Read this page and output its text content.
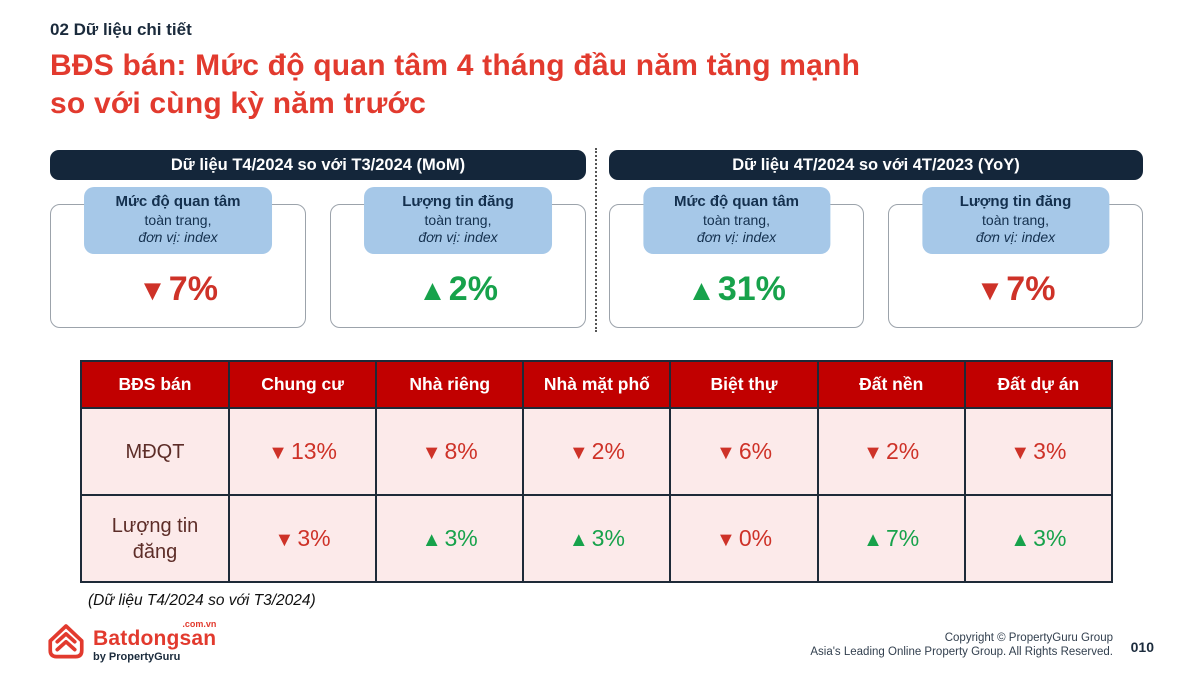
02 Dữ liệu chi tiết
BĐS bán: Mức độ quan tâm 4 tháng đầu năm tăng mạnh
so với cùng kỳ năm trước
Dữ liệu T4/2024 so với T3/2024 (MoM)
Mức độ quan tâm
toàn trang,
đơn vị: index
▼7%
Lượng tin đăng
toàn trang,
đơn vị: index
▲2%
Dữ liệu 4T/2024 so với 4T/2023 (YoY)
Mức độ quan tâm
toàn trang,
đơn vị: index
▲31%
Lượng tin đăng
toàn trang,
đơn vị: index
▼7%
BĐS bán	Chung cư	Nhà riêng	Nhà mặt phố	Biệt thự	Đất nền	Đất dự án
MĐQT	▼ 13%	▼ 8%	▼ 2%	▼ 6%	▼ 2%	▼ 3%
Lượng tin đăng	▼ 3%	▲ 3%	▲ 3%	▼ 0%	▲ 7%	▲ 3%
(Dữ liệu T4/2024 so với T3/2024)
.com.vn
Batdongsan
by PropertyGuru
Copyright © PropertyGuru Group
Asia's Leading Online Property Group. All Rights Reserved. 010
